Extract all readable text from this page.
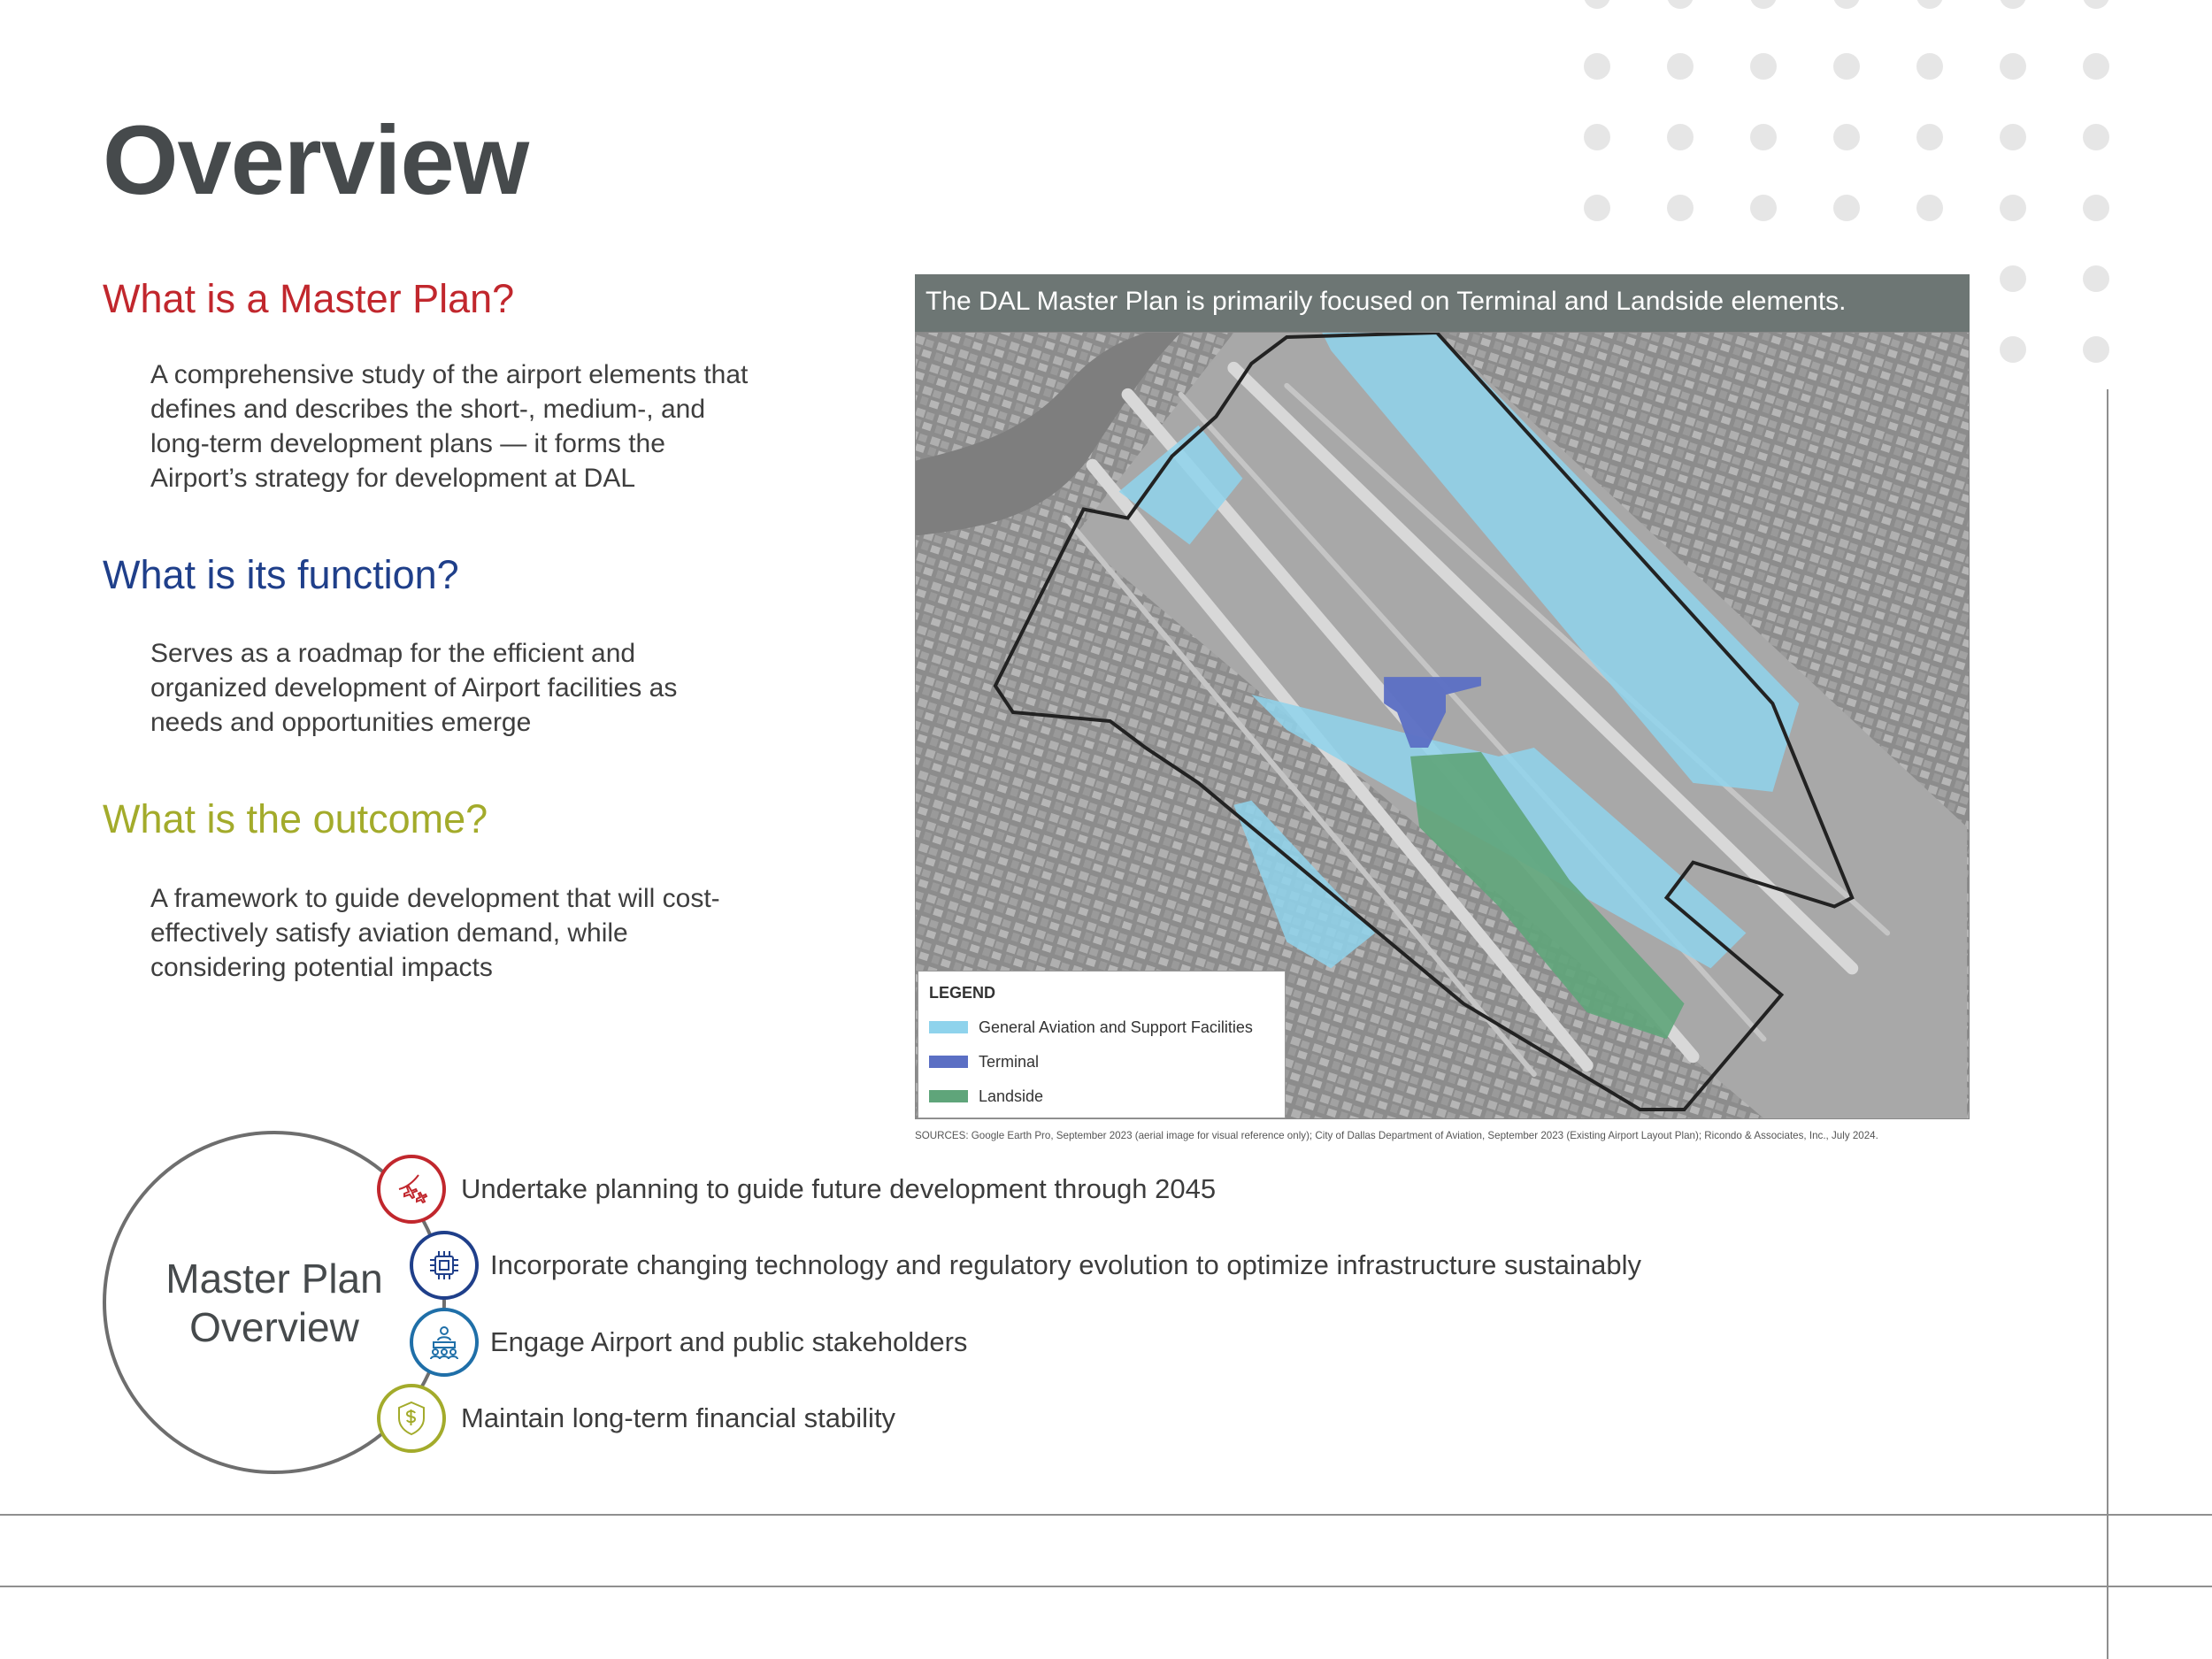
Overview
What is a Master Plan?

A comprehensive study of the airport elements that defines and describes the short-, medium-, and long-term development plans — it forms the Airport’s strategy for development at DAL

What is its function?

Serves as a roadmap for the efficient and organized development of Airport facilities as needs and opportunities emerge

What is the outcome?

A framework to guide development that will cost-effectively satisfy aviation demand, while considering potential impacts

The DAL Master Plan is primarily focused on Terminal and Landside elements.
LEGEND
General Aviation and Support Facilities
Terminal
Landside
SOURCES: Google Earth Pro, September 2023 (aerial image for visual reference only); City of Dallas Department of Aviation, September 2023 (Existing Airport Layout Plan); Ricondo & Associates, Inc., July 2024.
Master Plan
Overview
Undertake planning to guide future development through 2045
Incorporate changing technology and regulatory evolution to optimize infrastructure sustainably
Engage Airport and public stakeholders
Maintain long-term financial stability
